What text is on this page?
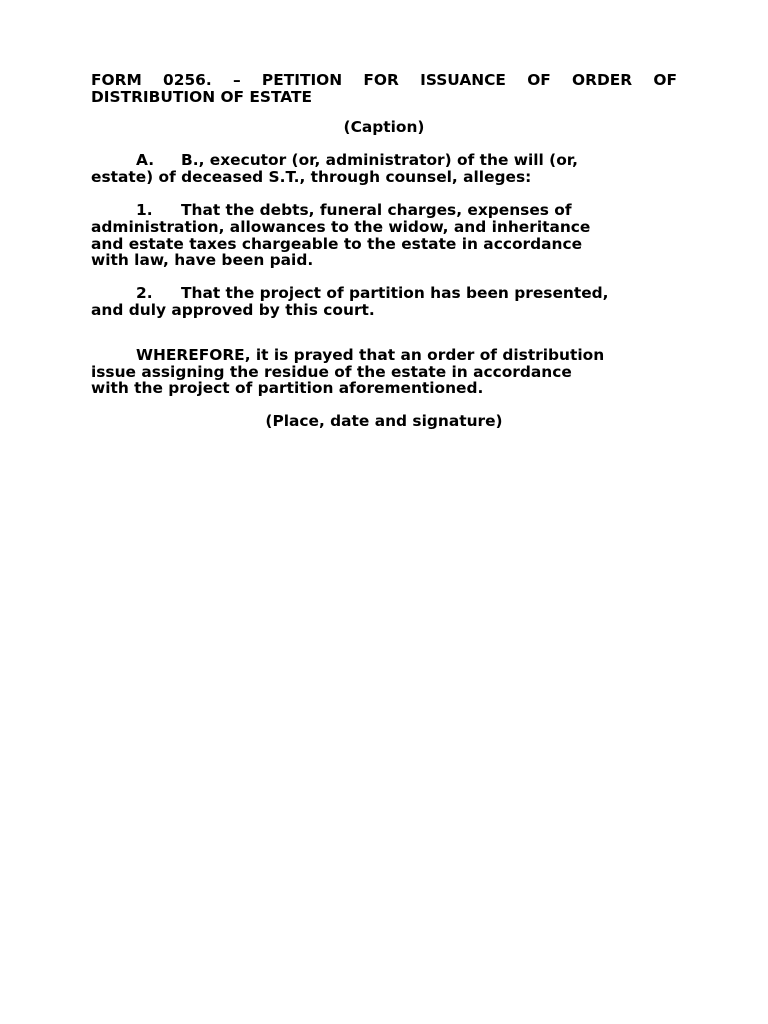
FORM 0256. – PETITION FOR ISSUANCE OF ORDER OF
DISTRIBUTION OF ESTATE
(Caption)
A. B., executor (or, administrator) of the will (or,
estate) of deceased S.T., through counsel, alleges:
1. That the debts, funeral charges, expenses of
administration, allowances to the widow, and inheritance
and estate taxes chargeable to the estate in accordance
with law, have been paid.
2. That the project of partition has been presented,
and duly approved by this court.
WHEREFORE, it is prayed that an order of distribution
issue assigning the residue of the estate in accordance
with the project of partition aforementioned.
(Place, date and signature)
